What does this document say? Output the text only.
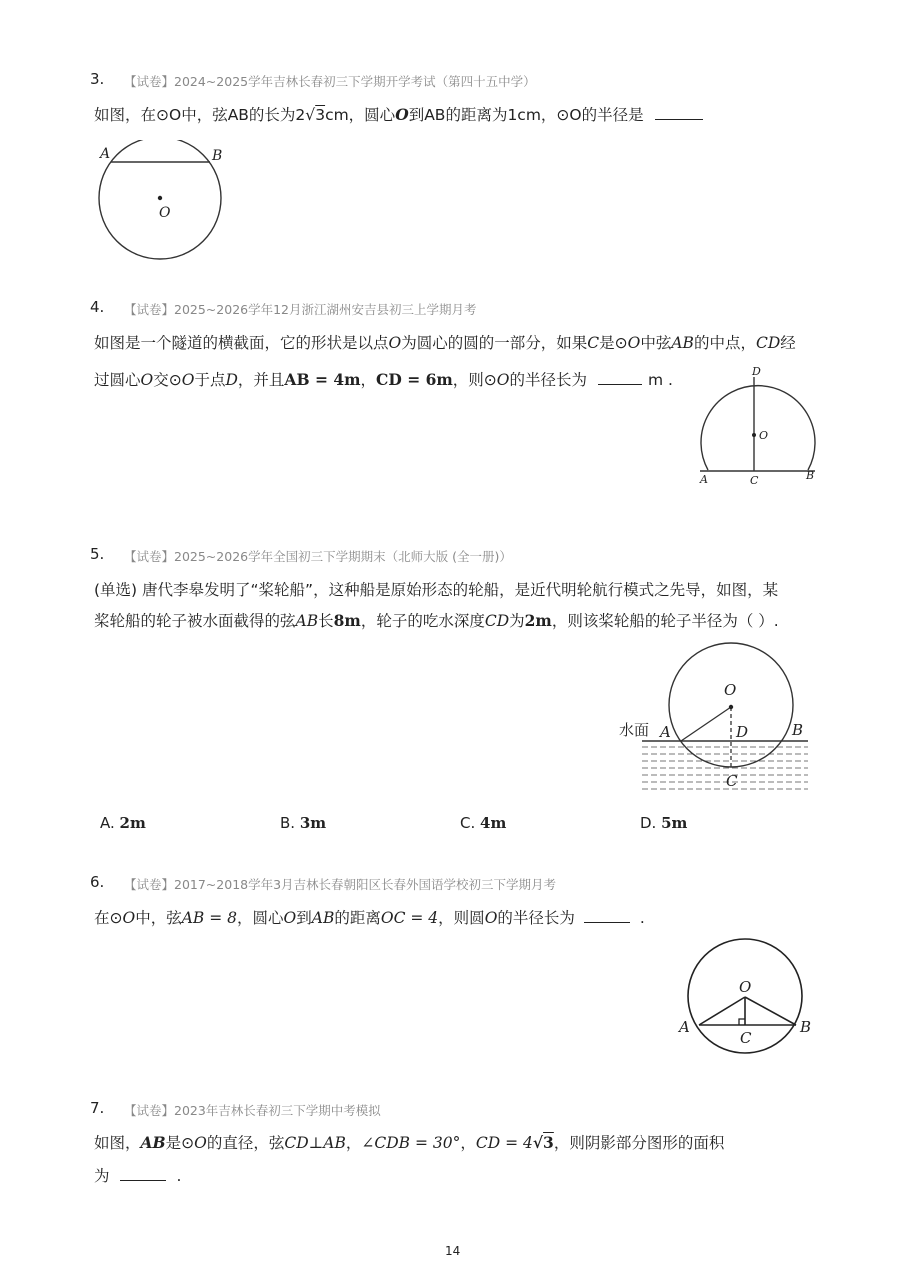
3. 【试卷】2024~2025学年吉林长春初三下学期开学考试（第四十五中学）
如图，在⊙O中，弦AB的长为2√3cm，圆心O到AB的距离为1cm，⊙O的半径是
A	B
O
4. 【试卷】2025~2026学年12月浙江湖州安吉县初三上学期月考
如图是一个隧道的横截面，它的形状是以点O为圆心的圆的一部分，如果C是⊙O中弦AB的中点，CD经
过圆心O交⊙O于点D，并且AB = 4m，CD = 6m，则⊙O的半径长为	m .	D
O
A	C	B
5. 【试卷】2025~2026学年全国初三下学期期末（北师大版 (全一册)）
(单选) 唐代李皋发明了“桨轮船”，这种船是原始形态的轮船，是近代明轮航行模式之先导，如图，某
桨轮船的轮子被水面截得的弦AB长8m，轮子的吃水深度CD为2m，则该桨轮船的轮子半径为（ ）.
水面
O
A	D	B
C
A. 2m	B. 3m	C. 4m	D. 5m
6. 【试卷】2017~2018学年3月吉林长春朝阳区长春外国语学校初三下学期月考
在⊙O中，弦AB = 8，圆心O到AB的距离OC = 4，则圆O的半径长为	.
O
A	B
C
7. 【试卷】2023年吉林长春初三下学期中考模拟
如图，AB是⊙O的直径，弦CD⊥AB，∠CDB = 30°，CD = 4√3，则阴影部分图形的面积
为	.
14
